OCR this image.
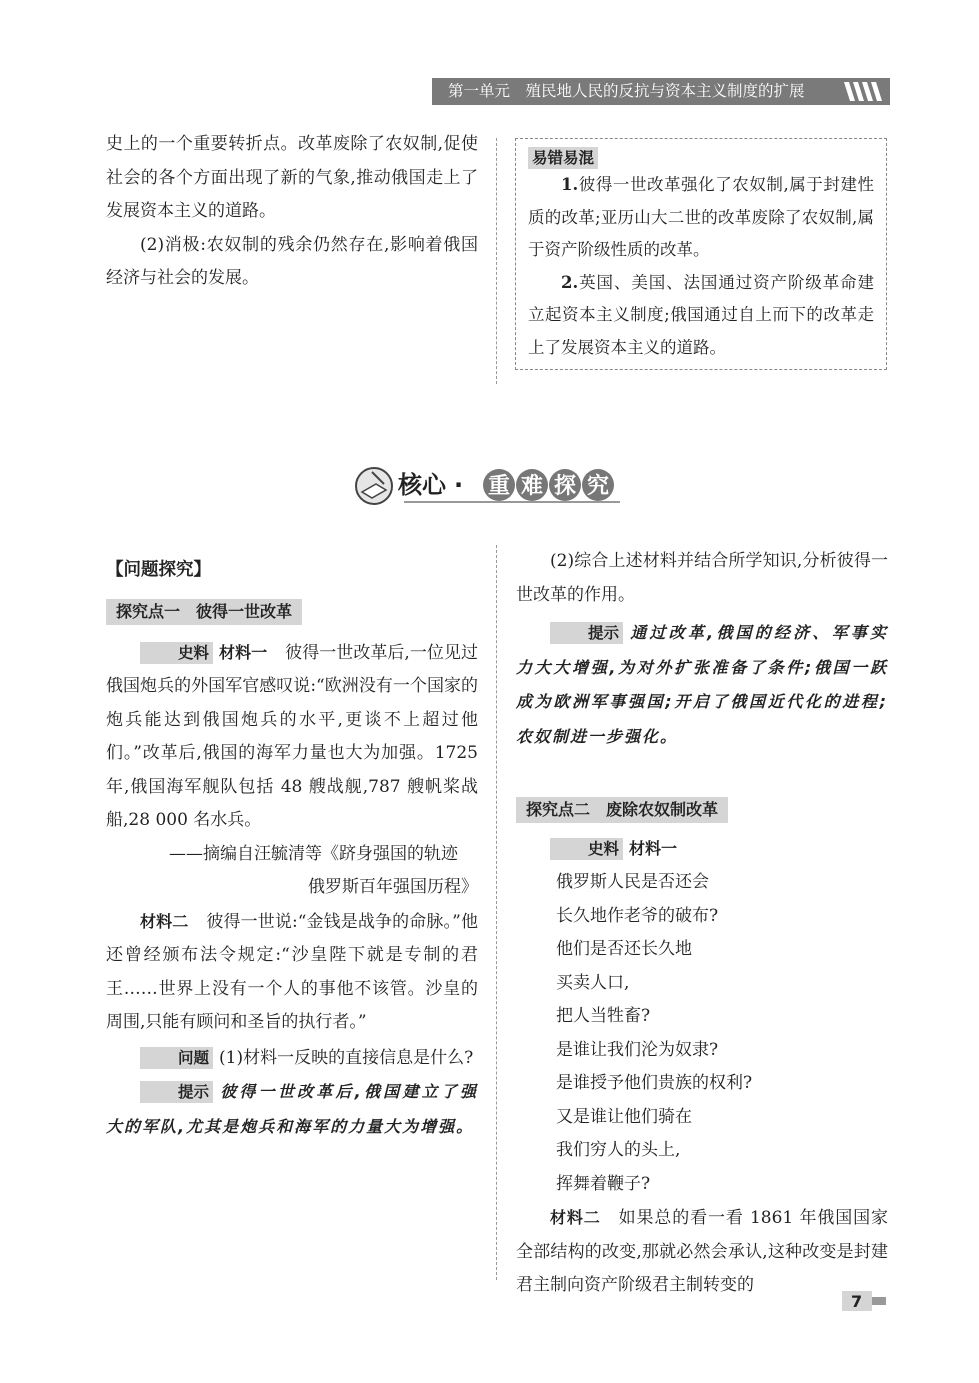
第一单元　殖民地人民的反抗与资本主义制度的扩展

史上的一个重要转折点。改革废除了农奴制,促使社会的各个方面出现了新的气象,推动俄国走上了发展资本主义的道路。

(2)消极:农奴制的残余仍然存在,影响着俄国经济与社会的发展。

易错易混

1.彼得一世改革强化了农奴制,属于封建性质的改革;亚历山大二世的改革废除了农奴制,属于资产阶级性质的改革。

2.英国、美国、法国通过资产阶级革命建立起资本主义制度;俄国通过自上而下的改革走上了发展资本主义的道路。

核心 · 重 难 探 究
【问题探究】
探究点一　彼得一世改革

史料 材料一 彼得一世改革后,一位见过俄国炮兵的外国军官感叹说:“欧洲没有一个国家的炮兵能达到俄国炮兵的水平,更谈不上超过他们。”改革后,俄国的海军力量也大为加强。1725 年,俄国海军舰队包括 48 艘战舰,787 艘帆桨战船,28 000 名水兵。

——摘编自汪毓清等《跻身强国的轨迹

俄罗斯百年强国历程》

材料二 彼得一世说:“金钱是战争的命脉。”他还曾经颁布法令规定:“沙皇陛下就是专制的君王……世界上没有一个人的事他不该管。沙皇的周围,只能有顾问和圣旨的执行者。”

问题 (1)材料一反映的直接信息是什么?

提示 彼得一世改革后,俄国建立了强大的军队,尤其是炮兵和海军的力量大为增强。

(2)综合上述材料并结合所学知识,分析彼得一世改革的作用。

提示 通过改革,俄国的经济、军事实力大大增强,为对外扩张准备了条件;俄国一跃成为欧洲军事强国;开启了俄国近代化的进程;农奴制进一步强化。

探究点二　废除农奴制改革

史料 材料一

俄罗斯人民是否还会
长久地作老爷的破布?
他们是否还长久地
买卖人口,
把人当牲畜?
是谁让我们沦为奴隶?
是谁授予他们贵族的权利?
又是谁让他们骑在
我们穷人的头上,
挥舞着鞭子?

材料二 如果总的看一看 1861 年俄国国家全部结构的改变,那就必然会承认,这种改变是封建君主制向资产阶级君主制转变的

7
